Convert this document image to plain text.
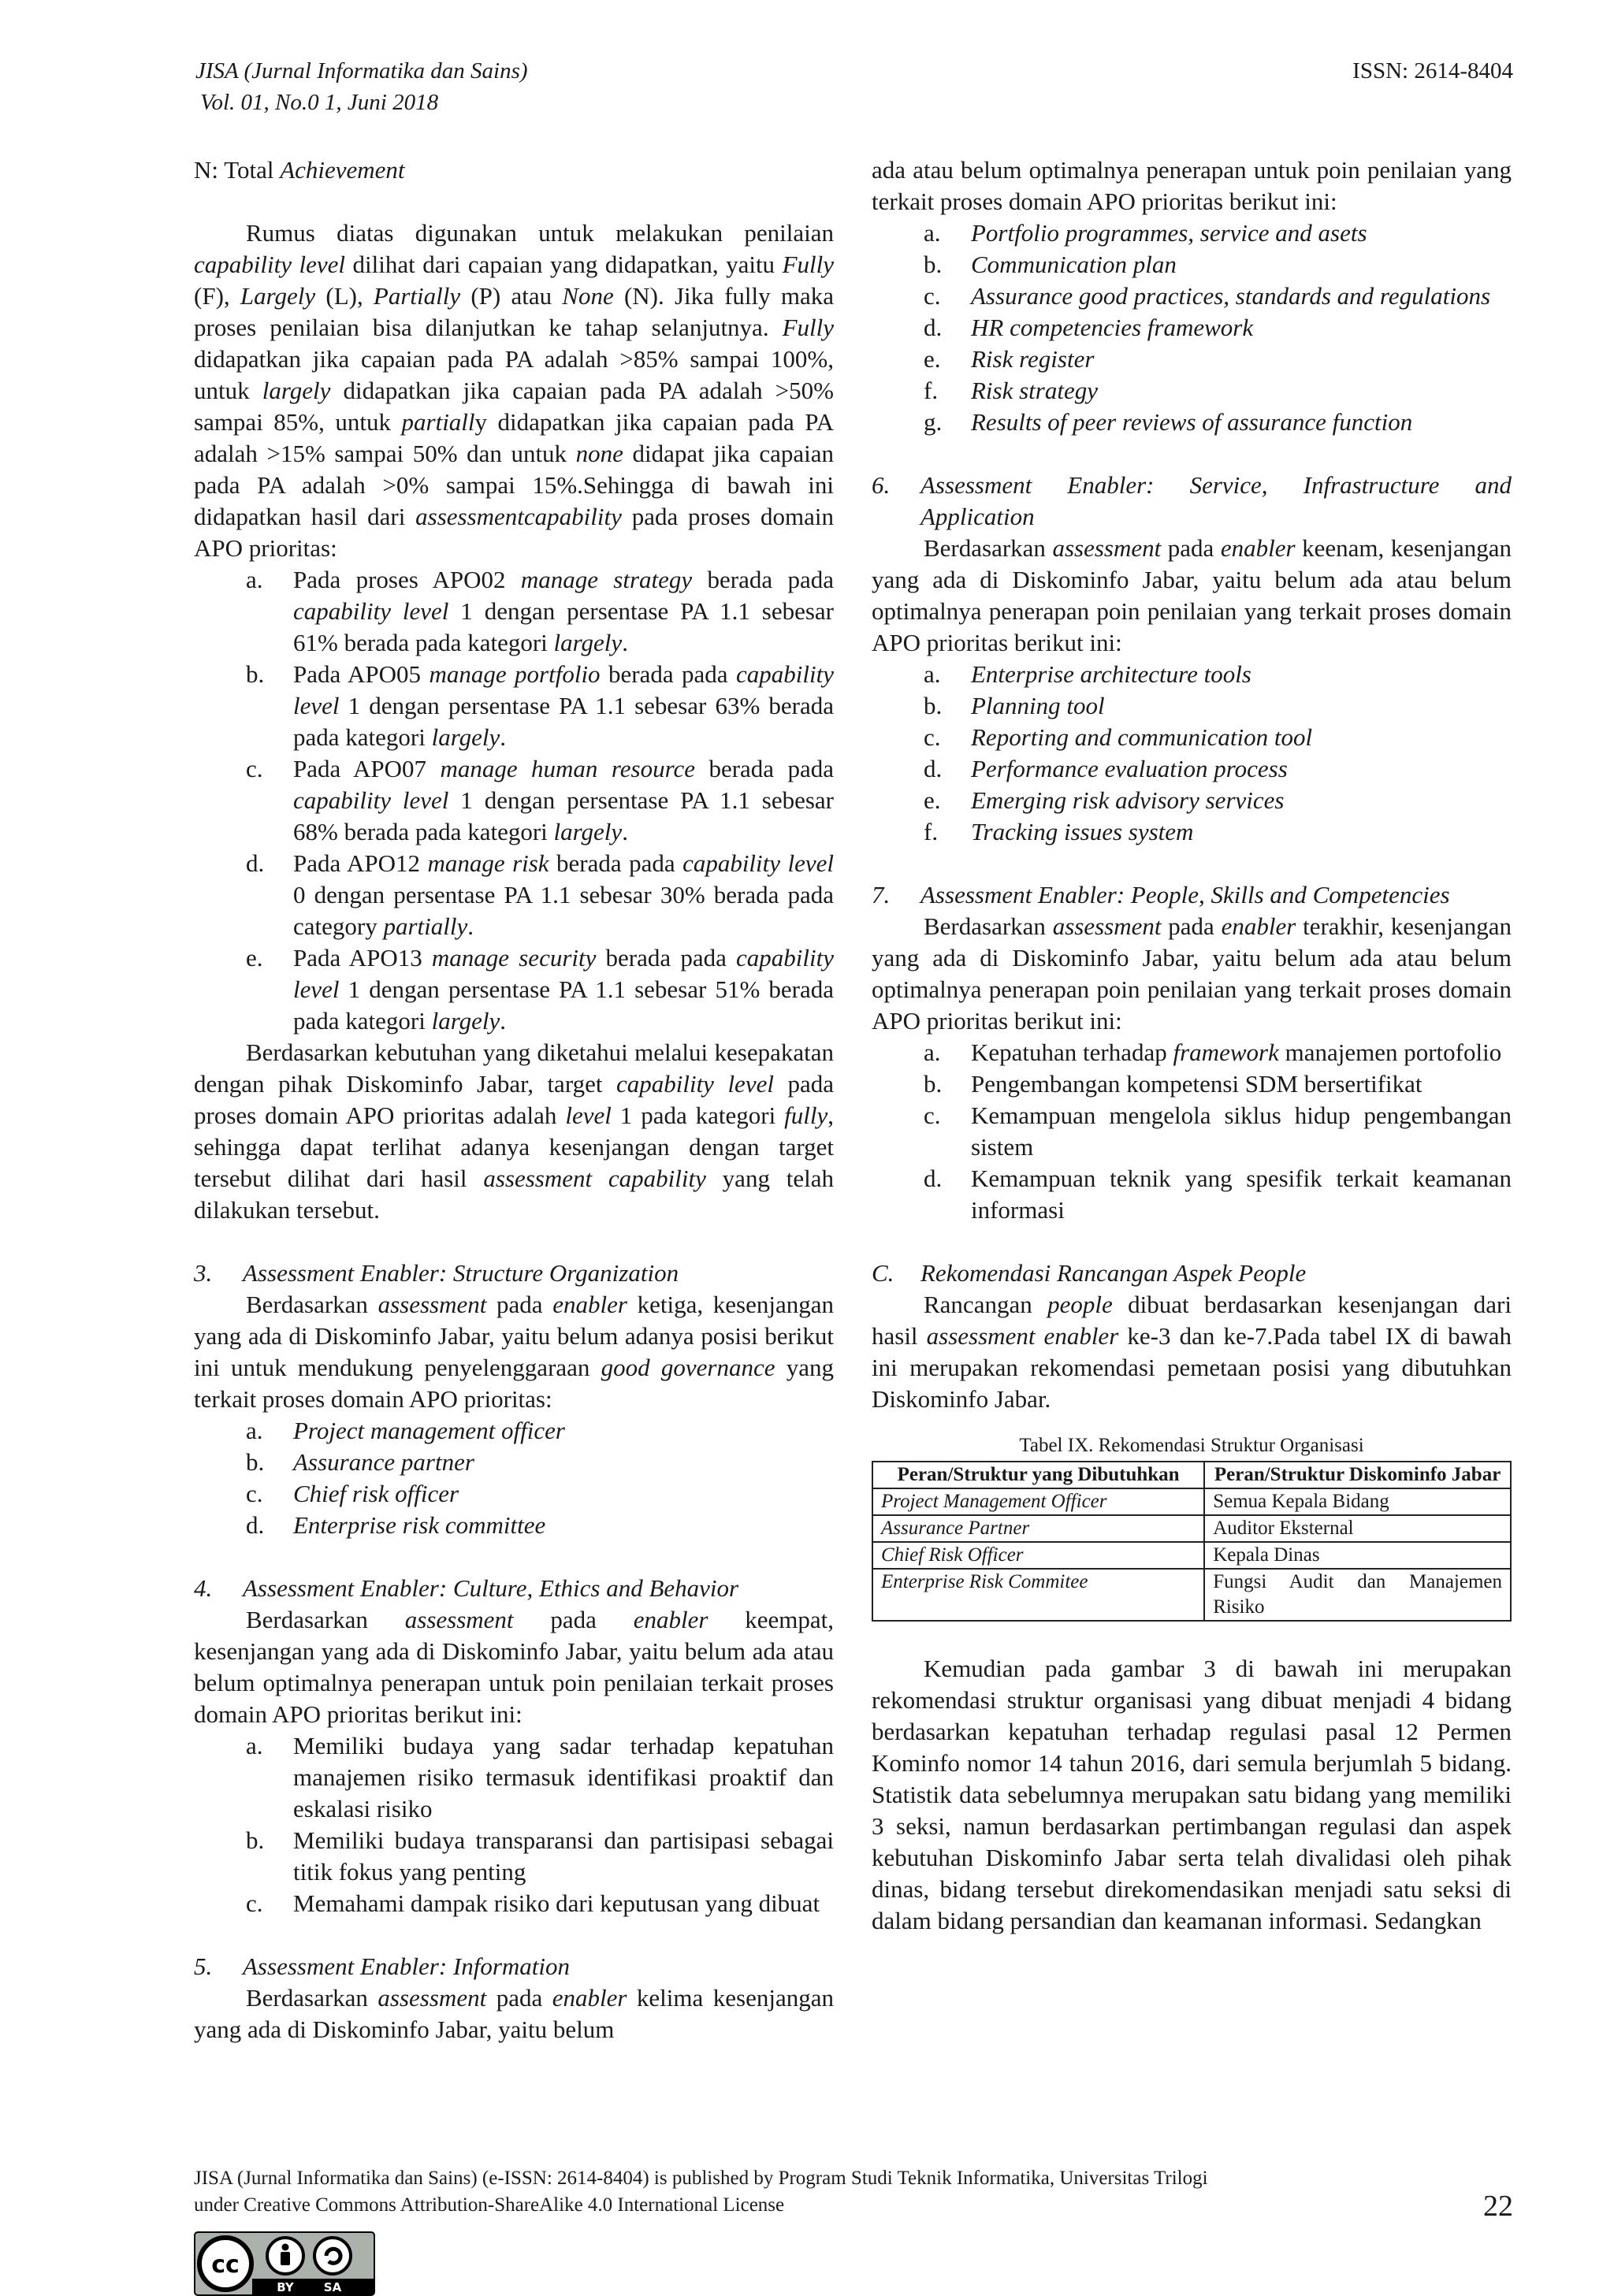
JISA (Jurnal Informatika dan Sains)
Vol. 01, No.0 1, Juni 2018
ISSN: 2614-8404

N: Total Achievement

Rumus diatas digunakan untuk melakukan penilaian capability level dilihat dari capaian yang didapatkan, yaitu Fully (F), Largely (L), Partially (P) atau None (N). Jika fully maka proses penilaian bisa dilanjutkan ke tahap selanjutnya. Fully didapatkan jika capaian pada PA adalah >85% sampai 100%, untuk largely didapatkan jika capaian pada PA adalah >50% sampai 85%, untuk partially didapatkan jika capaian pada PA adalah >15% sampai 50% dan untuk none didapat jika capaian pada PA adalah >0% sampai 15%.Sehingga di bawah ini didapatkan hasil dari assessmentcapability pada proses domain APO prioritas:

a. Pada proses APO02 manage strategy berada pada capability level 1 dengan persentase PA 1.1 sebesar 61% berada pada kategori largely.
b. Pada APO05 manage portfolio berada pada capability level 1 dengan persentase PA 1.1 sebesar 63% berada pada kategori largely.
c. Pada APO07 manage human resource berada pada capability level 1 dengan persentase PA 1.1 sebesar 68% berada pada kategori largely.
d. Pada APO12 manage risk berada pada capability level 0 dengan persentase PA 1.1 sebesar 30% berada pada category partially.
e. Pada APO13 manage security berada pada capability level 1 dengan persentase PA 1.1 sebesar 51% berada pada kategori largely.

Berdasarkan kebutuhan yang diketahui melalui kesepakatan dengan pihak Diskominfo Jabar, target capability level pada proses domain APO prioritas adalah level 1 pada kategori fully, sehingga dapat terlihat adanya kesenjangan dengan target tersebut dilihat dari hasil assessment capability yang telah dilakukan tersebut.

3. Assessment Enabler: Structure Organization

Berdasarkan assessment pada enabler ketiga, kesenjangan yang ada di Diskominfo Jabar, yaitu belum adanya posisi berikut ini untuk mendukung penyelenggaraan good governance yang terkait proses domain APO prioritas:

a. Project management officer
b. Assurance partner
c. Chief risk officer
d. Enterprise risk committee

4. Assessment Enabler: Culture, Ethics and Behavior

Berdasarkan assessment pada enabler keempat, kesenjangan yang ada di Diskominfo Jabar, yaitu belum ada atau belum optimalnya penerapan untuk poin penilaian terkait proses domain APO prioritas berikut ini:

a. Memiliki budaya yang sadar terhadap kepatuhan manajemen risiko termasuk identifikasi proaktif dan eskalasi risiko
b. Memiliki budaya transparansi dan partisipasi sebagai titik fokus yang penting
c. Memahami dampak risiko dari keputusan yang dibuat

5. Assessment Enabler: Information

Berdasarkan assessment pada enabler kelima kesenjangan yang ada di Diskominfo Jabar, yaitu belum

ada atau belum optimalnya penerapan untuk poin penilaian yang terkait proses domain APO prioritas berikut ini:

a. Portfolio programmes, service and asets
b. Communication plan
c. Assurance good practices, standards and regulations
d. HR competencies framework
e. Risk register
f. Risk strategy
g. Results of peer reviews of assurance function

6. Assessment Enabler: Service, Infrastructure and Application

Berdasarkan assessment pada enabler keenam, kesenjangan yang ada di Diskominfo Jabar, yaitu belum ada atau belum optimalnya penerapan poin penilaian yang terkait proses domain APO prioritas berikut ini:

a. Enterprise architecture tools
b. Planning tool
c. Reporting and communication tool
d. Performance evaluation process
e. Emerging risk advisory services
f. Tracking issues system

7. Assessment Enabler: People, Skills and Competencies

Berdasarkan assessment pada enabler terakhir, kesenjangan yang ada di Diskominfo Jabar, yaitu belum ada atau belum optimalnya penerapan poin penilaian yang terkait proses domain APO prioritas berikut ini:

a. Kepatuhan terhadap framework manajemen portofolio
b. Pengembangan kompetensi SDM bersertifikat
c. Kemampuan mengelola siklus hidup pengembangan sistem
d. Kemampuan teknik yang spesifik terkait keamanan informasi

C. Rekomendasi Rancangan Aspek People

Rancangan people dibuat berdasarkan kesenjangan dari hasil assessment enabler ke-3 dan ke-7.Pada tabel IX di bawah ini merupakan rekomendasi pemetaan posisi yang dibutuhkan Diskominfo Jabar.

Tabel IX. Rekomendasi Struktur Organisasi
Peran/Struktur yang Dibutuhkan	Peran/Struktur Diskominfo Jabar
Project Management Officer	Semua Kepala Bidang
Assurance Partner	Auditor Eksternal
Chief Risk Officer	Kepala Dinas
Enterprise Risk Commitee	Fungsi Audit dan Manajemen Risiko

Kemudian pada gambar 3 di bawah ini merupakan rekomendasi struktur organisasi yang dibuat menjadi 4 bidang berdasarkan kepatuhan terhadap regulasi pasal 12 Permen Kominfo nomor 14 tahun 2016, dari semula berjumlah 5 bidang. Statistik data sebelumnya merupakan satu bidang yang memiliki 3 seksi, namun berdasarkan pertimbangan regulasi dan aspek kebutuhan Diskominfo Jabar serta telah divalidasi oleh pihak dinas, bidang tersebut direkomendasikan menjadi satu seksi di dalam bidang persandian dan keamanan informasi. Sedangkan

JISA (Jurnal Informatika dan Sains) (e-ISSN: 2614-8404) is published by Program Studi Teknik Informatika, Universitas Trilogi
under Creative Commons Attribution-ShareAlike 4.0 International License	22
cc
BY	SA
